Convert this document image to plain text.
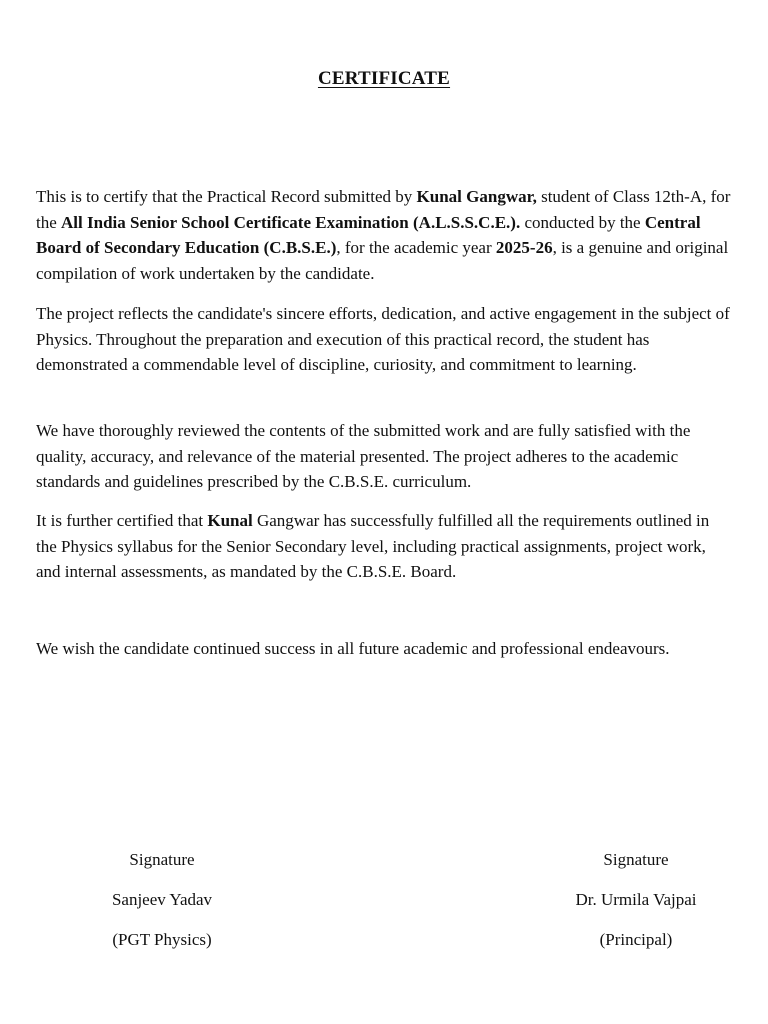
CERTIFICATE

This is to certify that the Practical Record submitted by Kunal Gangwar, student of Class 12th-A, for the All India Senior School Certificate Examination (A.L.S.S.C.E.). conducted by the Central Board of Secondary Education (C.B.S.E.), for the academic year 2025-26, is a genuine and original compilation of work undertaken by the candidate.

The project reflects the candidate's sincere efforts, dedication, and active engagement in the subject of Physics. Throughout the preparation and execution of this practical record, the student has demonstrated a commendable level of discipline, curiosity, and commitment to learning.

We have thoroughly reviewed the contents of the submitted work and are fully satisfied with the quality, accuracy, and relevance of the material presented. The project adheres to the academic standards and guidelines prescribed by the C.B.S.E. curriculum.

It is further certified that Kunal Gangwar has successfully fulfilled all the requirements outlined in the Physics syllabus for the Senior Secondary level, including practical assignments, project work, and internal assessments, as mandated by the C.B.S.E. Board.

We wish the candidate continued success in all future academic and professional endeavours.

Signature
Sanjeev Yadav
(PGT Physics)
Signature
Dr. Urmila Vajpai
(Principal)
